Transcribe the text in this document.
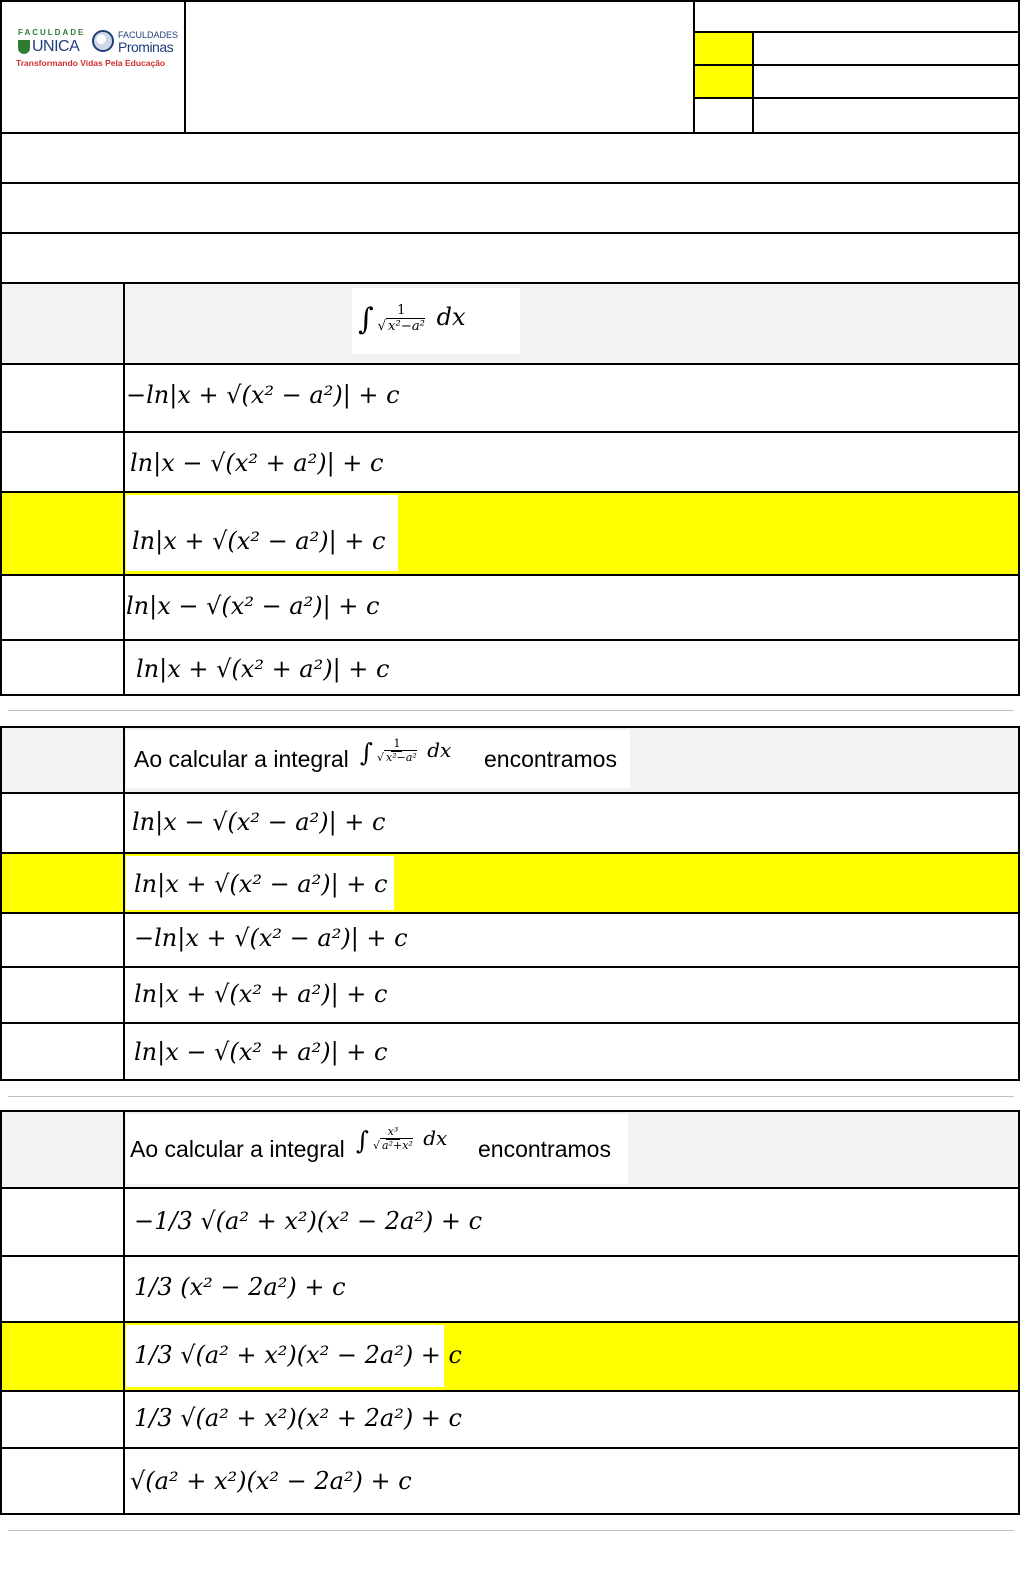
FACULDADE
UNICA
FACULDADES
Prominas
Transformando Vidas Pela Educação
∫ $\frac{1}{\text{√ x²−a²}}$ dx
−ln|x + √(x² − a²)| + c
ln|x − √(x² + a²)| + c
ln|x + √(x² − a²)| + c
ln|x − √(x² − a²)| + c
ln|x + √(x² + a²)| + c
Ao calcular a integral ∫ $\frac{1}{\text{√ x²−a²}}$ dx encontramos
ln|x − √(x² − a²)| + c
ln|x + √(x² − a²)| + c
−ln|x + √(x² − a²)| + c
ln|x + √(x² + a²)| + c
ln|x − √(x² + a²)| + c
Ao calcular a integral ∫ $\frac{\text{x³}}{\text{√ a²+x²}}$ dx encontramos
−1/3 √(a² + x²)(x² − 2a²) + c
1/3 (x² − 2a²) + c
1/3 √(a² + x²)(x² − 2a²) + c
1/3 √(a² + x²)(x² + 2a²) + c
√(a² + x²)(x² − 2a²) + c
